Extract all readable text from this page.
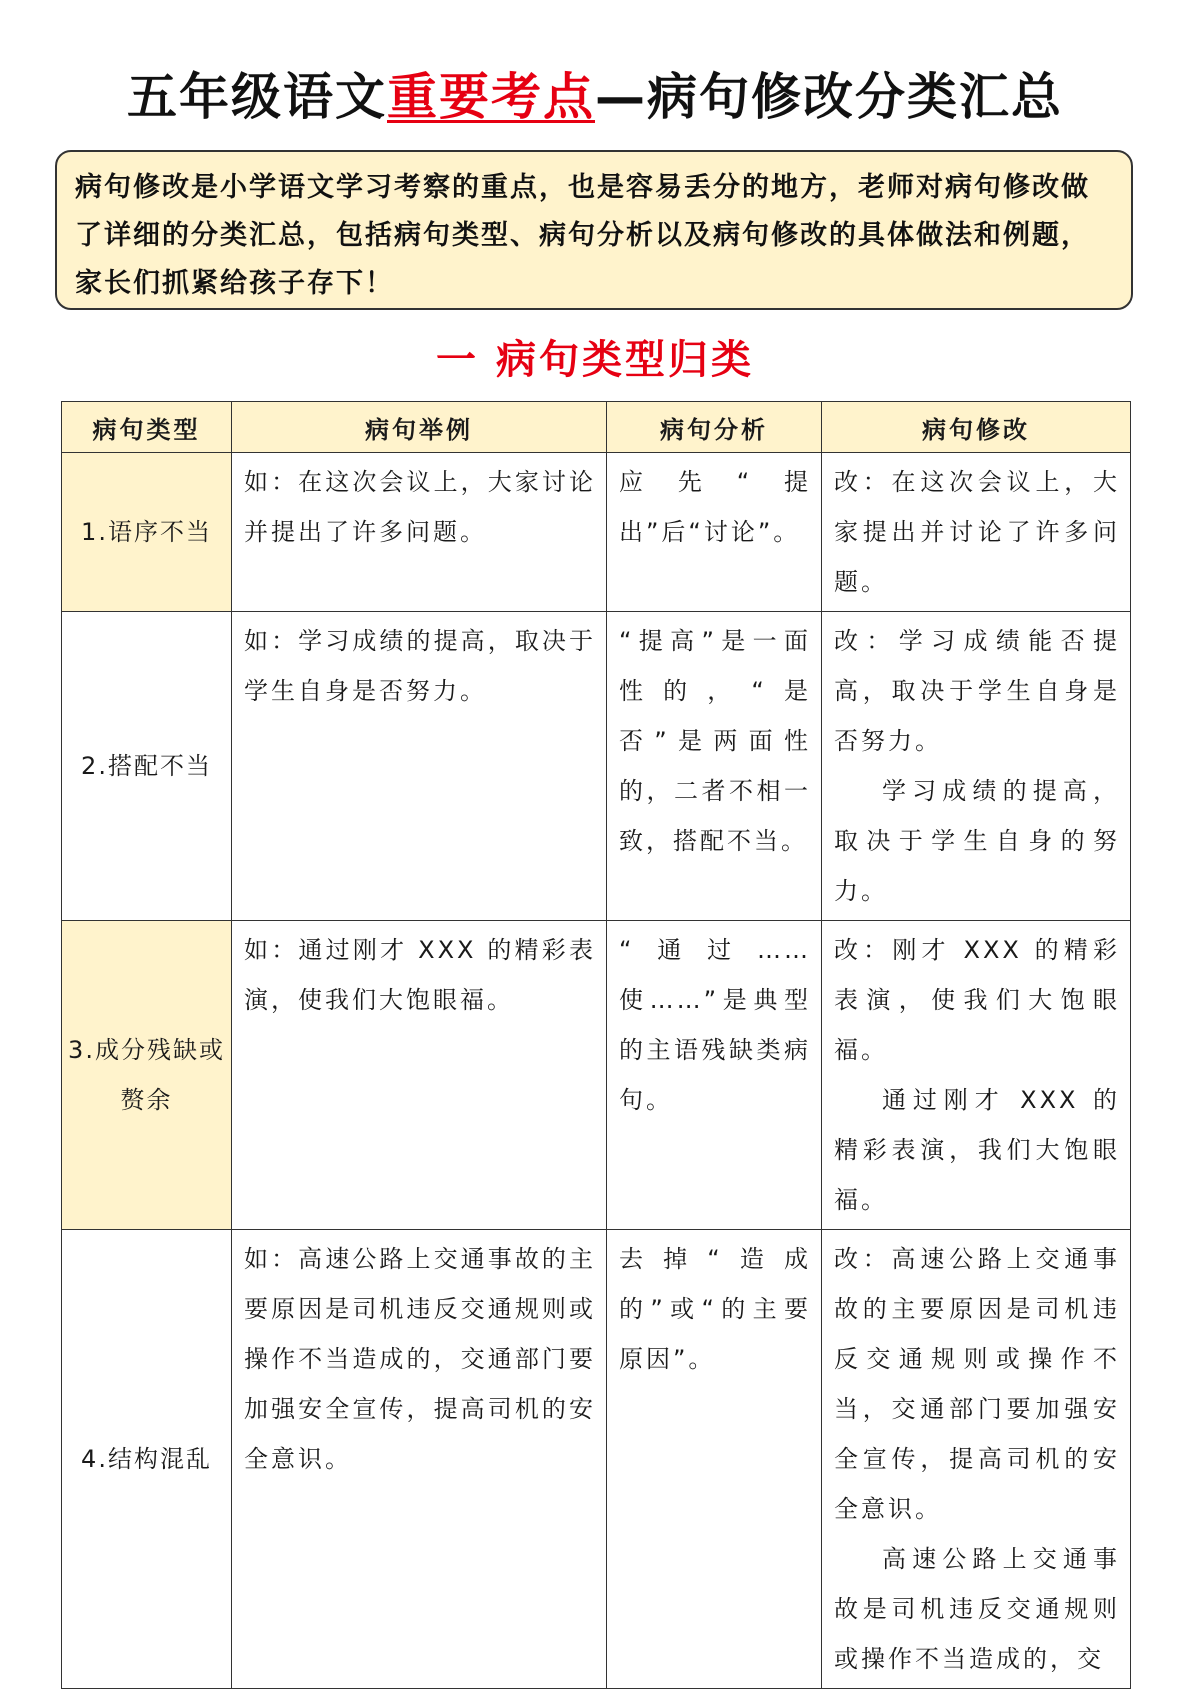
五年级语文重要考点—病句修改分类汇总
病句修改是小学语文学习考察的重点，也是容易丢分的地方，老师对病句修改做了详细的分类汇总，包括病句类型、病句分析以及病句修改的具体做法和例题，家长们抓紧给孩子存下！
一 病句类型归类
病句类型	病句举例	病句分析	病句修改
1.语序不当	如：在这次会议上，大家讨论并提出了许多问题。	应先“提出”后“讨论”。	改：在这次会议上，大家提出并讨论了许多问题。

2.搭配不当	如：学习成绩的提高，取决于学生自身是否努力。	“提高”是一面性的，“是否”是两面性的，二者不相一致，搭配不当。	改：学习成绩能否提高，取决于学生自身是否努力。
学习成绩的提高，取决于学生自身的努力。

3.成分残缺或赘余	如：通过刚才 XXX 的精彩表演，使我们大饱眼福。	“通过……使……”是典型的主语残缺类病句。	改：刚才 XXX 的精彩表演，使我们大饱眼福。
通过刚才 XXX 的精彩表演，我们大饱眼福。

4.结构混乱	如：高速公路上交通事故的主要原因是司机违反交通规则或操作不当造成的，交通部门要加强安全宣传，提高司机的安全意识。	去掉“造成的”或“的主要原因”。	改：高速公路上交通事故的主要原因是司机违反交通规则或操作不当，交通部门要加强安全宣传，提高司机的安全意识。
高速公路上交通事故是司机违反交通规则或操作不当造成的，交
